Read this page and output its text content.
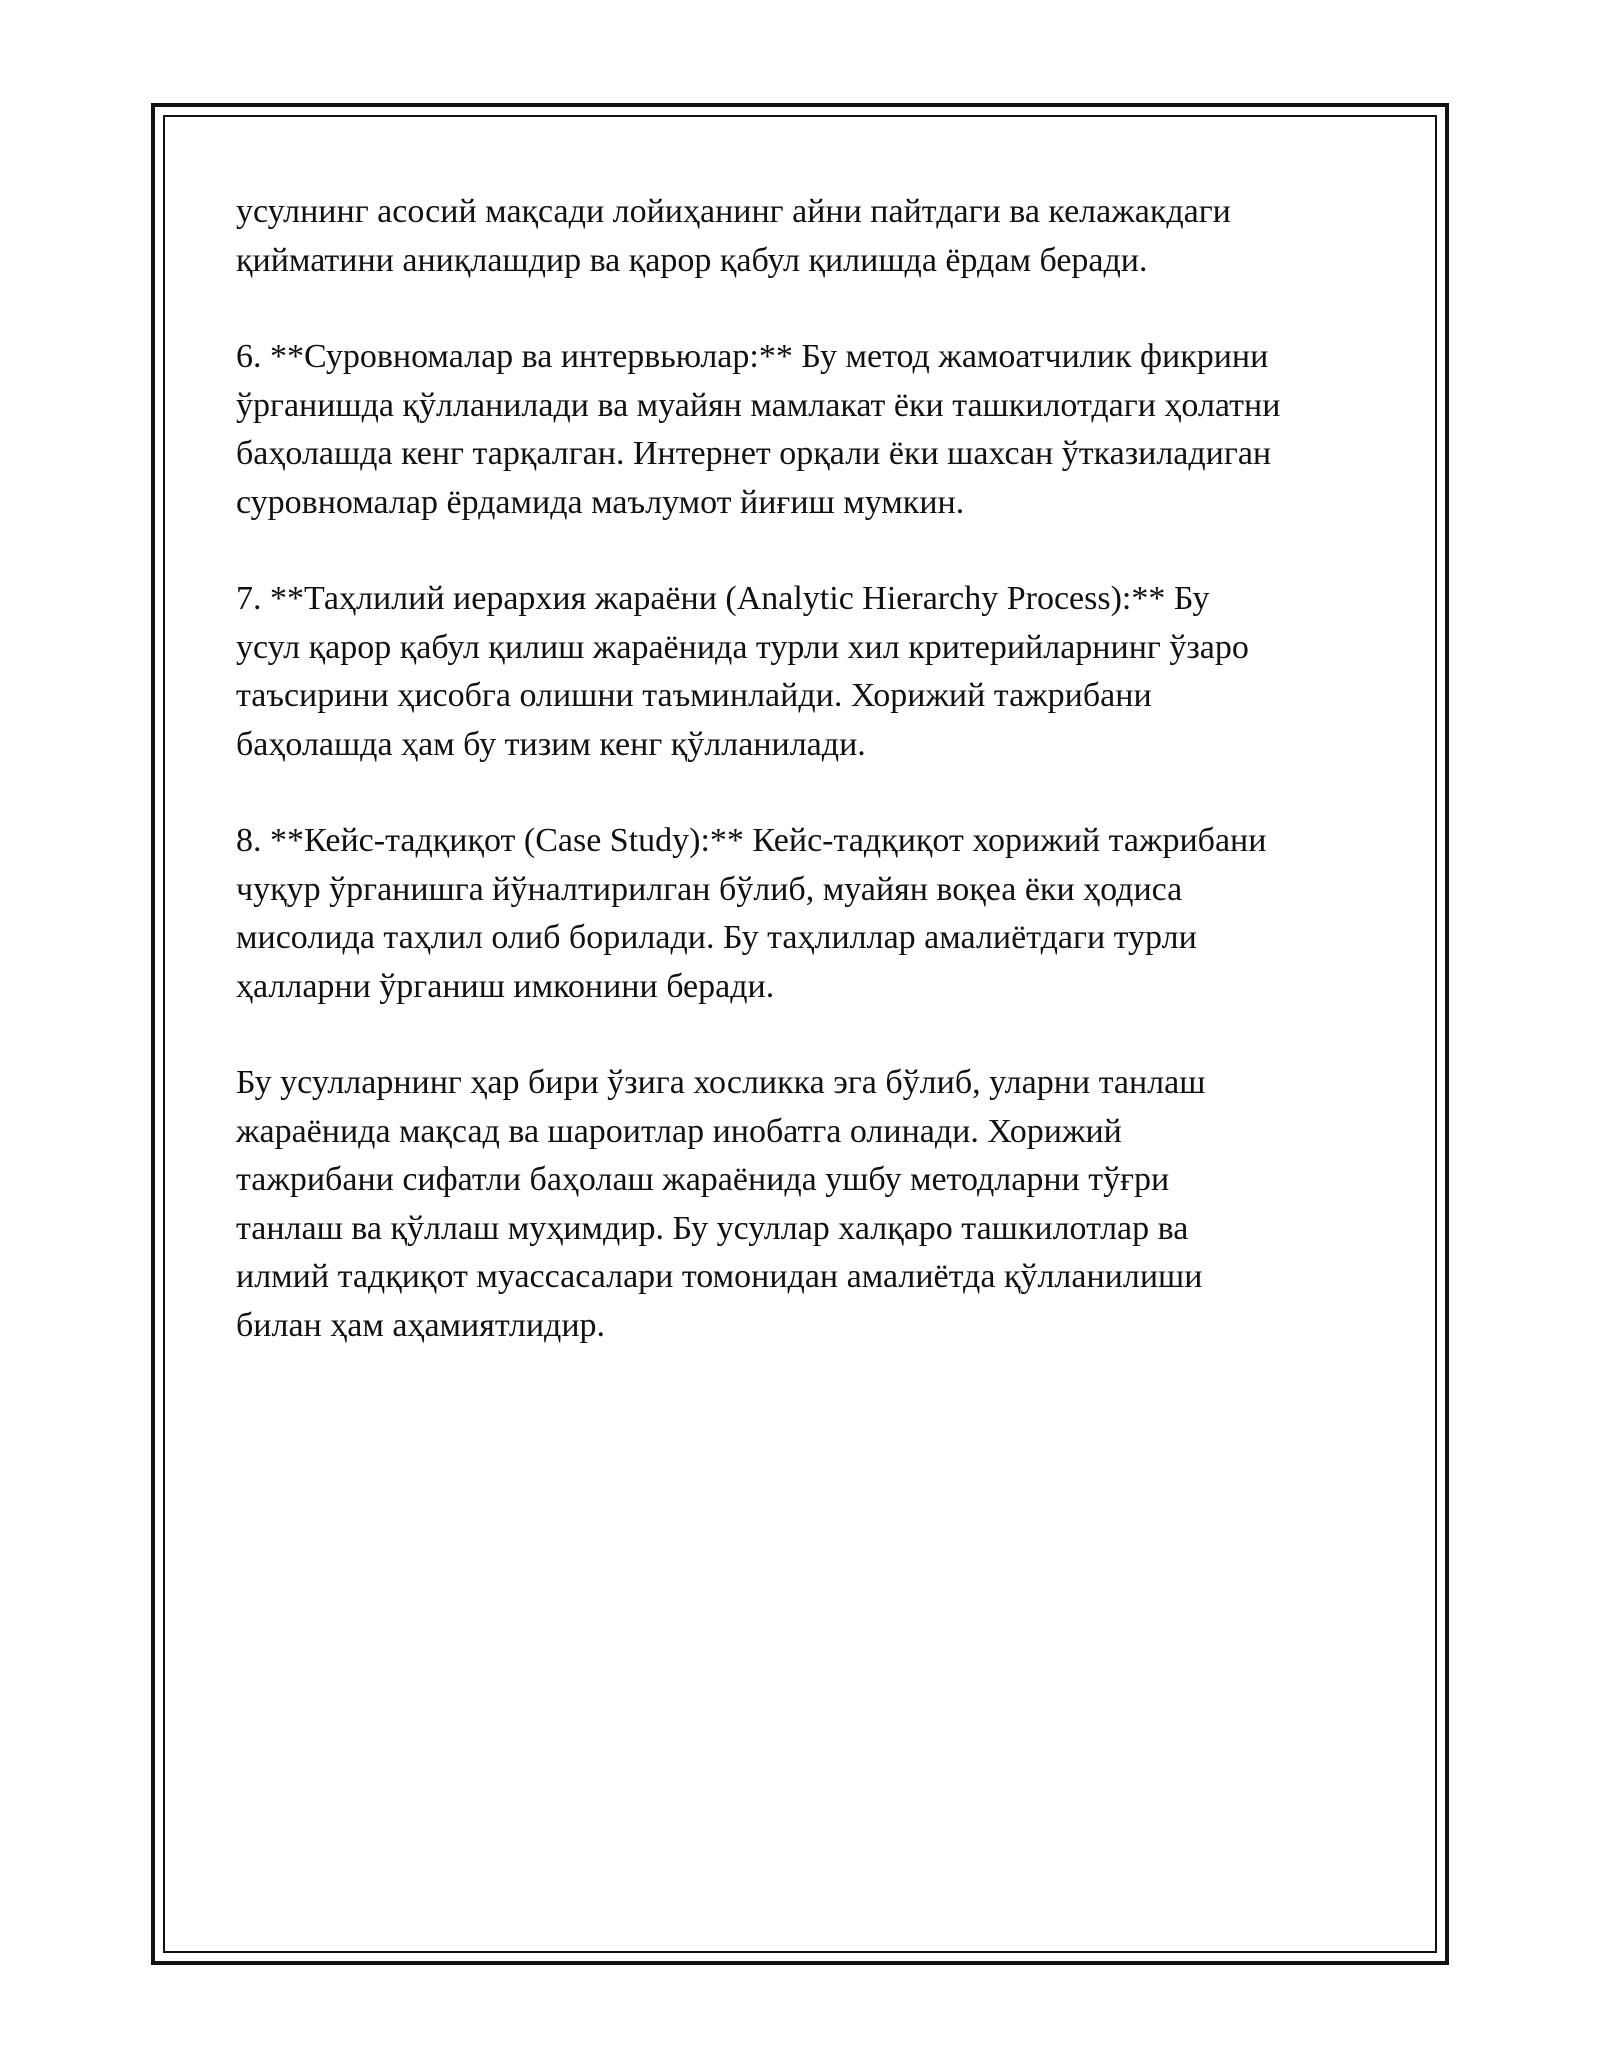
усулнинг асосий мақсади лойиҳанинг айни пайтдаги ва келажакдаги
қийматини аниқлашдир ва қарор қабул қилишда ёрдам беради.

6. **Суровномалар ва интервьюлар:** Бу метод жамоатчилик фикрини
ўрганишда қўлланилади ва муайян мамлакат ёки ташкилотдаги ҳолатни
баҳолашда кенг тарқалган. Интернет орқали ёки шахсан ўтказиладиган
суровномалар ёрдамида маълумот йиғиш мумкин.

7. **Таҳлилий иерархия жараёни (Analytic Hierarchy Process):** Бу
усул қарор қабул қилиш жараёнида турли хил критерийларнинг ўзаро
таъсирини ҳисобга олишни таъминлайди. Хорижий тажрибани
баҳолашда ҳам бу тизим кенг қўлланилади.

8. **Кейс-тадқиқот (Case Study):** Кейс-тадқиқот хорижий тажрибани
чуқур ўрганишга йўналтирилган бўлиб, муайян воқеа ёки ҳодиса
мисолида таҳлил олиб борилади. Бу таҳлиллар амалиётдаги турли
ҳалларни ўрганиш имконини беради.

Бу усулларнинг ҳар бири ўзига хосликка эга бўлиб, уларни танлаш
жараёнида мақсад ва шароитлар инобатга олинади. Хорижий
тажрибани сифатли баҳолаш жараёнида ушбу методларни тўғри
танлаш ва қўллаш муҳимдир. Бу усуллар халқаро ташкилотлар ва
илмий тадқиқот муассасалари томонидан амалиётда қўлланилиши
билан ҳам аҳамиятлидир.
